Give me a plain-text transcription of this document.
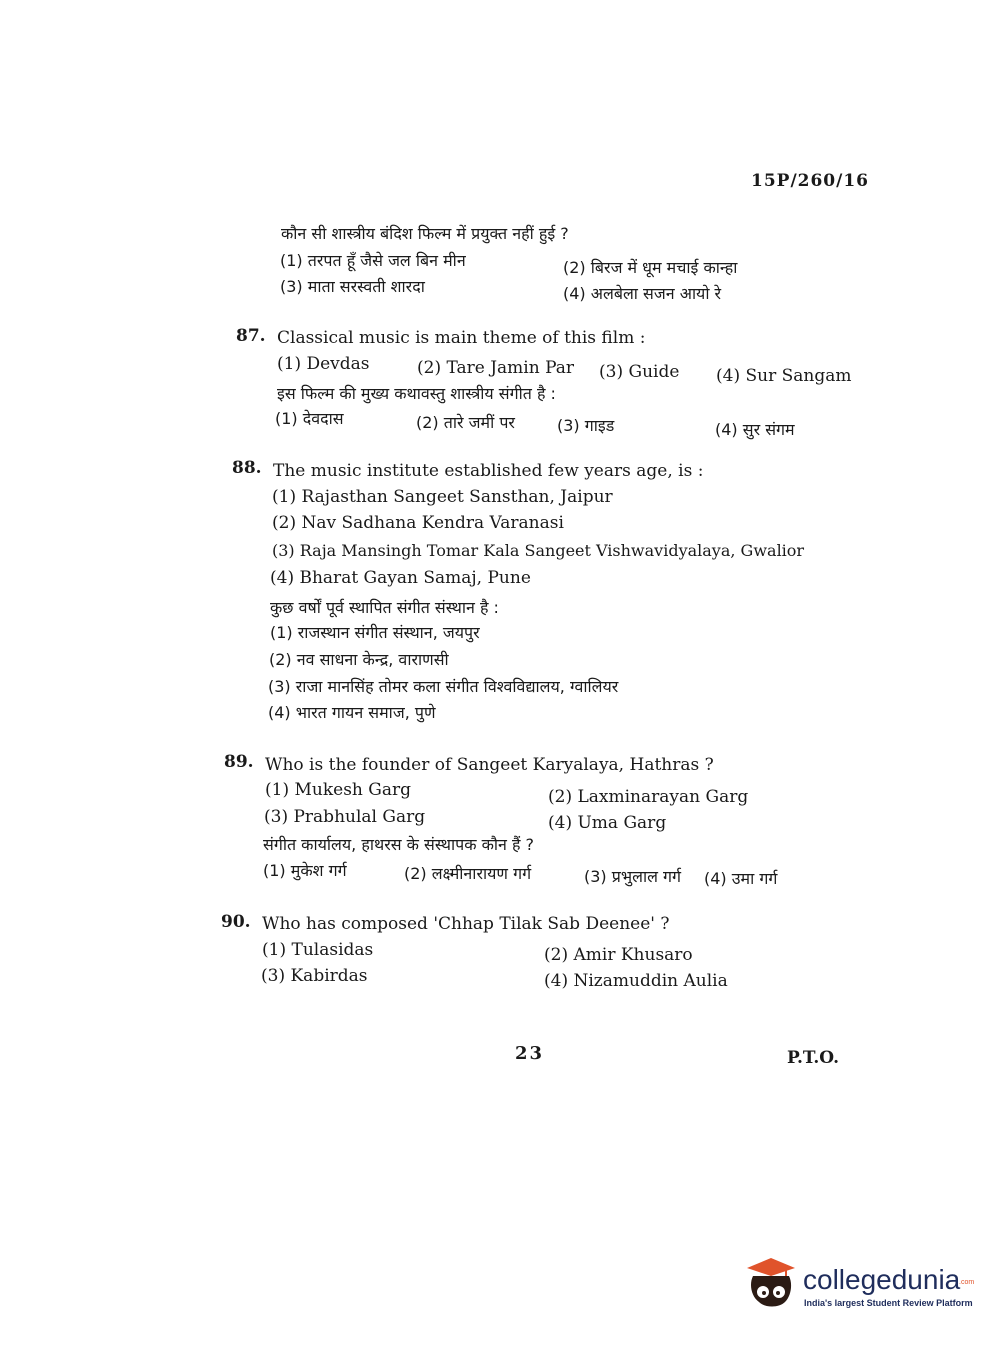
15P/260/16
कौन सी शास्त्रीय बंदिश फिल्म में प्रयुक्त नहीं हुई ?
(1) तरपत हूँ जैसे जल बिन मीन	(2) बिरज में धूम मचाई कान्हा
(3) माता सरस्वती शारदा	(4) अलबेला सजन आयो रे
87. Classical music is main theme of this film :
(1) Devdas	(2) Tare Jamin Par (3) Guide (4) Sur Sangam
इस फिल्म की मुख्य कथावस्तु शास्त्रीय संगीत है :
(1) देवदास	(2) तारे जमीं पर	(3) गाइड	(4) सुर संगम
88. The music institute established few years age, is :
(1) Rajasthan Sangeet Sansthan, Jaipur
(2) Nav Sadhana Kendra Varanasi
(3) Raja Mansingh Tomar Kala Sangeet Vishwavidyalaya, Gwalior
(4) Bharat Gayan Samaj, Pune
कुछ वर्षों पूर्व स्थापित संगीत संस्थान है :
(1) राजस्थान संगीत संस्थान, जयपुर
(2) नव साधना केन्द्र, वाराणसी
(3) राजा मानसिंह तोमर कला संगीत विश्वविद्यालय, ग्वालियर
(4) भारत गायन समाज, पुणे
89. Who is the founder of Sangeet Karyalaya, Hathras ?
(1) Mukesh Garg	(2) Laxminarayan Garg
(3) Prabhulal Garg	(4) Uma Garg
संगीत कार्यालय, हाथरस के संस्थापक कौन हैं ?
(1) मुकेश गर्ग	(2) लक्ष्मीनारायण गर्ग	(3) प्रभुलाल गर्ग (4) उमा गर्ग
90. Who has composed 'Chhap Tilak Sab Deenee' ?
(1) Tulasidas	(2) Amir Khusaro
(3) Kabirdas	(4) Nizamuddin Aulia
23	P.T.O.
collegedunia
.com
India's largest Student Review Platform
